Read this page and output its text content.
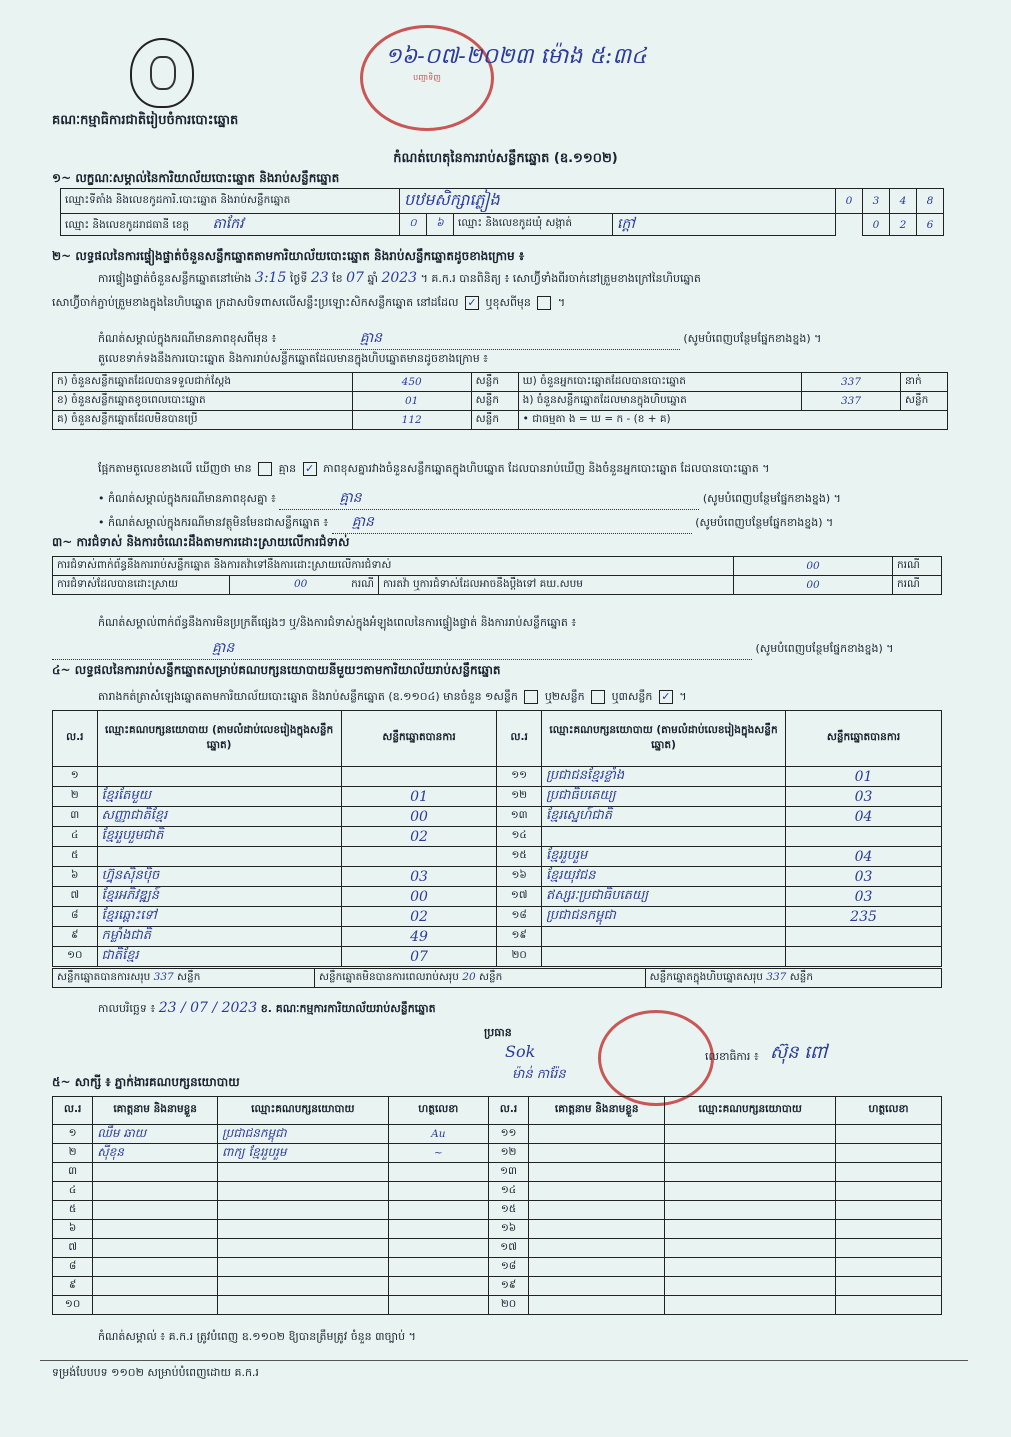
គណៈកម្មាធិការជាតិរៀបចំការបោះឆ្នោត
បញ្ជាទិញ
១៦-០៧-២០២៣ ម៉ោង ៥:៣៤
កំណត់ហេតុនៃការរាប់សន្លឹកឆ្នោត (ឧ.១១០២)
១~ លក្ខណៈសម្គាល់នៃការិយាល័យបោះឆ្នោត និងរាប់សន្លឹកឆ្នោត
ឈ្មោះទីតាំង និងលេខកូដការិ.បោះឆ្នោត និងរាប់សន្លឹកឆ្នោត	បឋមសិក្សាភ្លៀង				0	3	4	8
ឈ្មោះ និងលេខកូដរាជធានី ខេត្ត តាកែវ	០	៦	ឈ្មោះ និងលេខកូដឃុំ សង្កាត់	ក្ដៅ		0	2	6
២~ លទ្ធផលនៃការផ្ទៀងផ្ទាត់ចំនួនសន្លឹកឆ្នោតតាមការិយាល័យបោះឆ្នោត និងរាប់សន្លឹកឆ្នោតដូចខាងក្រោម ៖
ការផ្ទៀងផ្ទាត់ចំនួនសន្លឹកឆ្នោតនៅម៉ោង 3:15 ថ្ងៃទី 23 ខែ 07 ឆ្នាំ 2023 ។ គ.ក.រ បានពិនិត្យ ៖ សោហ្វ៊ីទាំងពីរចាក់នៅត្រួមខាងក្រៅនៃហិបឆ្នោត
សោហ្វ៊ីចាក់ភ្ជាប់ត្រួមខាងក្នុងនៃហិបឆ្នោត ក្រដាសបិទពាសលើសន្លឹះប្រឡោះសិកសន្លឹកឆ្នោត នៅដដែល ✓ ឬខុសពីមុន  ។
កំណត់សម្គាល់ក្នុងករណីមានភាពខុសពីមុន ៖	គ្មាន	(សូមបំពេញបន្ថែមផ្នែកខាងខ្នង) ។
តួលេខទាក់ទងនឹងការបោះឆ្នោត និងការរាប់សន្លឹកឆ្នោតដែលមានក្នុងហិបឆ្នោតមានដូចខាងក្រោម ៖
ក) ចំនួនសន្លឹកឆ្នោតដែលបានទទួលជាក់ស្តែង	450	សន្លឹក	ឃ) ចំនួនអ្នកបោះឆ្នោតដែលបានបោះឆ្នោត	337	នាក់
ខ) ចំនួនសន្លឹកឆ្នោតខូចពេលបោះឆ្នោត	01	សន្លឹក	ង) ចំនួនសន្លឹកឆ្នោតដែលមានក្នុងហិបឆ្នោត	337	សន្លឹក
គ) ចំនួនសន្លឹកឆ្នោតដែលមិនបានប្រើ	112	សន្លឹក	• ជាធម្មតា ង = ឃ = ក - (ខ + គ)		
ផ្អែកតាមតួលេខខាងលើ ឃើញថា មាន គ្មាន ✓ ភាពខុសគ្នារវាងចំនួនសន្លឹកឆ្នោតក្នុងហិបឆ្នោត ដែលបានរាប់ឃើញ និងចំនួនអ្នកបោះឆ្នោត ដែលបានបោះឆ្នោត ។
• កំណត់សម្គាល់ក្នុងករណីមានភាពខុសគ្នា ៖	គ្មាន	(សូមបំពេញបន្ថែមផ្នែកខាងខ្នង) ។
• កំណត់សម្គាល់ក្នុងករណីមានវត្ថុមិនមែនជាសន្លឹកឆ្នោត ៖ គ្មាន	(សូមបំពេញបន្ថែមផ្នែកខាងខ្នង) ។
៣~ ការជំទាស់ និងការចំណេះដឹងតាមការដោះស្រាយលើការជំទាស់
ការជំទាស់ពាក់ព័ន្ធនឹងការរាប់សន្លឹកឆ្នោត និងការតវ៉ាទៅនឹងការដោះស្រាយលើការជំទាស់			00	ករណី
ការជំទាស់ដែលបានដោះស្រាយ	00 ករណី	ការតវ៉ា ឬការជំទាស់ដែលអាចនឹងប្ដឹងទៅ គឃ.សបម	00	ករណី
កំណត់សម្គាល់ពាក់ព័ន្ធនឹងការមិនប្រក្រតីផ្សេងៗ ឬ/និងការជំទាស់ក្នុងអំឡុងពេលនៃការផ្ទៀងផ្ទាត់ និងការរាប់សន្លឹកឆ្នោត ៖
គ្មាន	(សូមបំពេញបន្ថែមផ្នែកខាងខ្នង) ។
៤~ លទ្ធផលនៃការរាប់សន្លឹកឆ្នោតសម្រាប់គណបក្សនយោបាយនីមួយៗតាមការិយាល័យរាប់សន្លឹកឆ្នោត
តារាងកត់ត្រាសំឡេងឆ្នោតតាមការិយាល័យបោះឆ្នោត និងរាប់សន្លឹកឆ្នោត (ឧ.១១០៤) មានចំនួន ១សន្លឹក ឬ២សន្លឹក ឬ៣សន្លឹក ✓ ។
ល.រ	ឈ្មោះគណបក្សនយោបាយ (តាមលំដាប់លេខរៀងក្នុងសន្លឹកឆ្នោត)	សន្លឹកឆ្នោតបានការ	ល.រ	ឈ្មោះគណបក្សនយោបាយ (តាមលំដាប់លេខរៀងក្នុងសន្លឹកឆ្នោត)	សន្លឹកឆ្នោតបានការ
១			១១	ប្រជាជនខ្មែរខ្លាំង	01
២	ខ្មែរតែមួយ	01	១២	ប្រជាធិបតេយ្យ	03
៣	សញ្ញាជាតិខ្មែរ	00	១៣	ខ្មែរស្នេហ៍ជាតិ	04
៤	ខ្មែររួបរួមជាតិ	02	១៤		
៥			១៥	ខ្មែររួបរួម	04
៦	ហ្វ៊ុនស៊ិនប៉ិច	03	១៦	ខ្មែរយុវជន	03
៧	ខ្មែរអភិវឌ្ឍន៍	00	១៧	ឥស្សរៈប្រជាធិបតេយ្យ	03
៨	ខ្មែរឆ្ពោះទៅ	02	១៨	ប្រជាជនកម្ពុជា	235
៩	កម្លាំងជាតិ	49	១៩		
១០	ជាតិខ្មែរ	07	២០		
សន្លឹកឆ្នោតបានការសរុប 337 សន្លឹក	សន្លឹកឆ្នោតមិនបានការពេលរាប់សរុប 20 សន្លឹក	សន្លឹកឆ្នោតក្នុងហិបឆ្នោតសរុប 337 សន្លឹក
កាលបរិច្ឆេទ ៖ 23 / 07 / 2023 ខ. គណៈកម្មការការិយាល័យរាប់សន្លឹកឆ្នោត
ប្រធាន
Sok
ម៉ាន់ ការ៉ែន
លេខាធិការ ៖ ស៊ុន ពៅ
៥~ សាក្សី ៖ ភ្នាក់ងារគណបក្សនយោបាយ
ល.រ	គោត្តនាម និងនាមខ្លួន	ឈ្មោះគណបក្សនយោបាយ	ហត្ថលេខា	ល.រ	គោត្តនាម និងនាមខ្លួន	ឈ្មោះគណបក្សនយោបាយ	ហត្ថលេខា
១	ឈឹម ឆាយ	ប្រជាជនកម្ពុជា	Au	១១			
២	ស៊ីខុន	ពាក្យ ខ្មែររួបរួម	~	១២			
៣				១៣			
៤				១៤			
៥				១៥			
៦				១៦			
៧				១៧			
៨				១៨			
៩				១៩			
១០				២០			
កំណត់សម្គាល់ ៖ គ.ក.រ ត្រូវបំពេញ ឧ.១១០២ ឱ្យបានត្រឹមត្រូវ ចំនួន ៣ច្បាប់ ។
ទម្រង់បែបបទ ១១០២ សម្រាប់បំពេញដោយ គ.ក.រ
